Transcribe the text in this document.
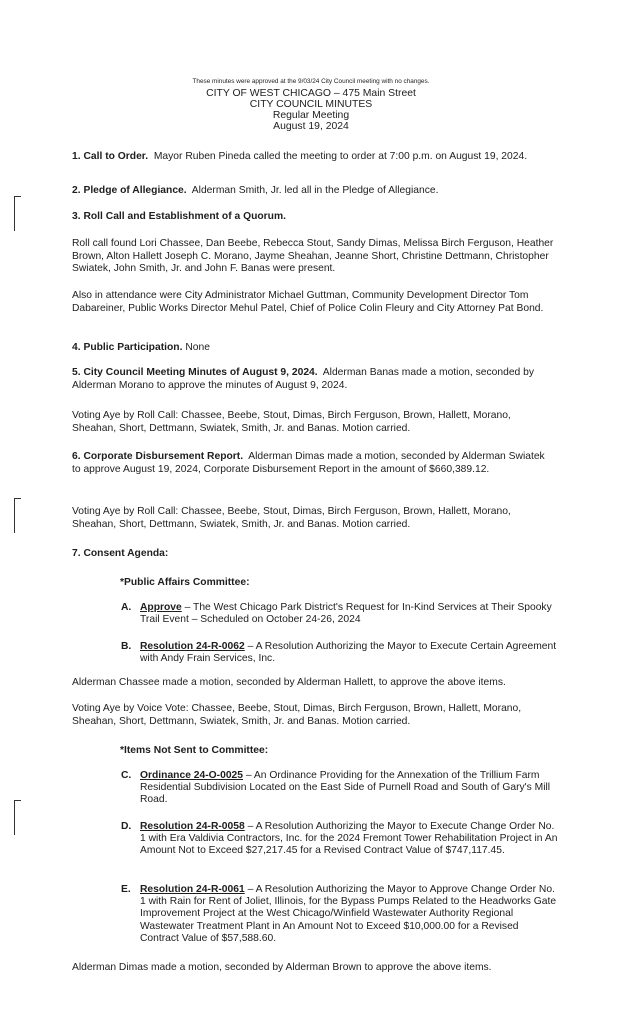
These minutes were approved at the 9/03/24 City Council meeting with no changes.
CITY OF WEST CHICAGO – 475 Main Street
CITY COUNCIL MINUTES
Regular Meeting
August 19, 2024

1. Call to Order. Mayor Ruben Pineda called the meeting to order at 7:00 p.m. on August 19, 2024.

2. Pledge of Allegiance. Alderman Smith, Jr. led all in the Pledge of Allegiance.

3. Roll Call and Establishment of a Quorum.

Roll call found Lori Chassee, Dan Beebe, Rebecca Stout, Sandy Dimas, Melissa Birch Ferguson, Heather Brown, Alton Hallett Joseph C. Morano, Jayme Sheahan, Jeanne Short, Christine Dettmann, Christopher Swiatek, John Smith, Jr. and John F. Banas were present.

Also in attendance were City Administrator Michael Guttman, Community Development Director Tom Dabareiner, Public Works Director Mehul Patel, Chief of Police Colin Fleury and City Attorney Pat Bond.

4. Public Participation. None

5. City Council Meeting Minutes of August 9, 2024. Alderman Banas made a motion, seconded by Alderman Morano to approve the minutes of August 9, 2024.

Voting Aye by Roll Call: Chassee, Beebe, Stout, Dimas, Birch Ferguson, Brown, Hallett, Morano, Sheahan, Short, Dettmann, Swiatek, Smith, Jr. and Banas. Motion carried.

6. Corporate Disbursement Report. Alderman Dimas made a motion, seconded by Alderman Swiatek to approve August 19, 2024, Corporate Disbursement Report in the amount of $660,389.12.

Voting Aye by Roll Call: Chassee, Beebe, Stout, Dimas, Birch Ferguson, Brown, Hallett, Morano, Sheahan, Short, Dettmann, Swiatek, Smith, Jr. and Banas. Motion carried.

7. Consent Agenda:

*Public Affairs Committee:

A. Approve – The West Chicago Park District's Request for In-Kind Services at Their Spooky Trail Event – Scheduled on October 24-26, 2024
B. Resolution 24-R-0062 – A Resolution Authorizing the Mayor to Execute Certain Agreement with Andy Frain Services, Inc.

Alderman Chassee made a motion, seconded by Alderman Hallett, to approve the above items.

Voting Aye by Voice Vote: Chassee, Beebe, Stout, Dimas, Birch Ferguson, Brown, Hallett, Morano, Sheahan, Short, Dettmann, Swiatek, Smith, Jr. and Banas. Motion carried.

*Items Not Sent to Committee:

C. Ordinance 24-O-0025 – An Ordinance Providing for the Annexation of the Trillium Farm Residential Subdivision Located on the East Side of Purnell Road and South of Gary's Mill Road.
D. Resolution 24-R-0058 – A Resolution Authorizing the Mayor to Execute Change Order No. 1 with Era Valdivia Contractors, Inc. for the 2024 Fremont Tower Rehabilitation Project in An Amount Not to Exceed $27,217.45 for a Revised Contract Value of $747,117.45.
E. Resolution 24-R-0061 – A Resolution Authorizing the Mayor to Approve Change Order No. 1 with Rain for Rent of Joliet, Illinois, for the Bypass Pumps Related to the Headworks Gate Improvement Project at the West Chicago/Winfield Wastewater Authority Regional Wastewater Treatment Plant in An Amount Not to Exceed $10,000.00 for a Revised Contract Value of $57,588.60.

Alderman Dimas made a motion, seconded by Alderman Brown to approve the above items.
